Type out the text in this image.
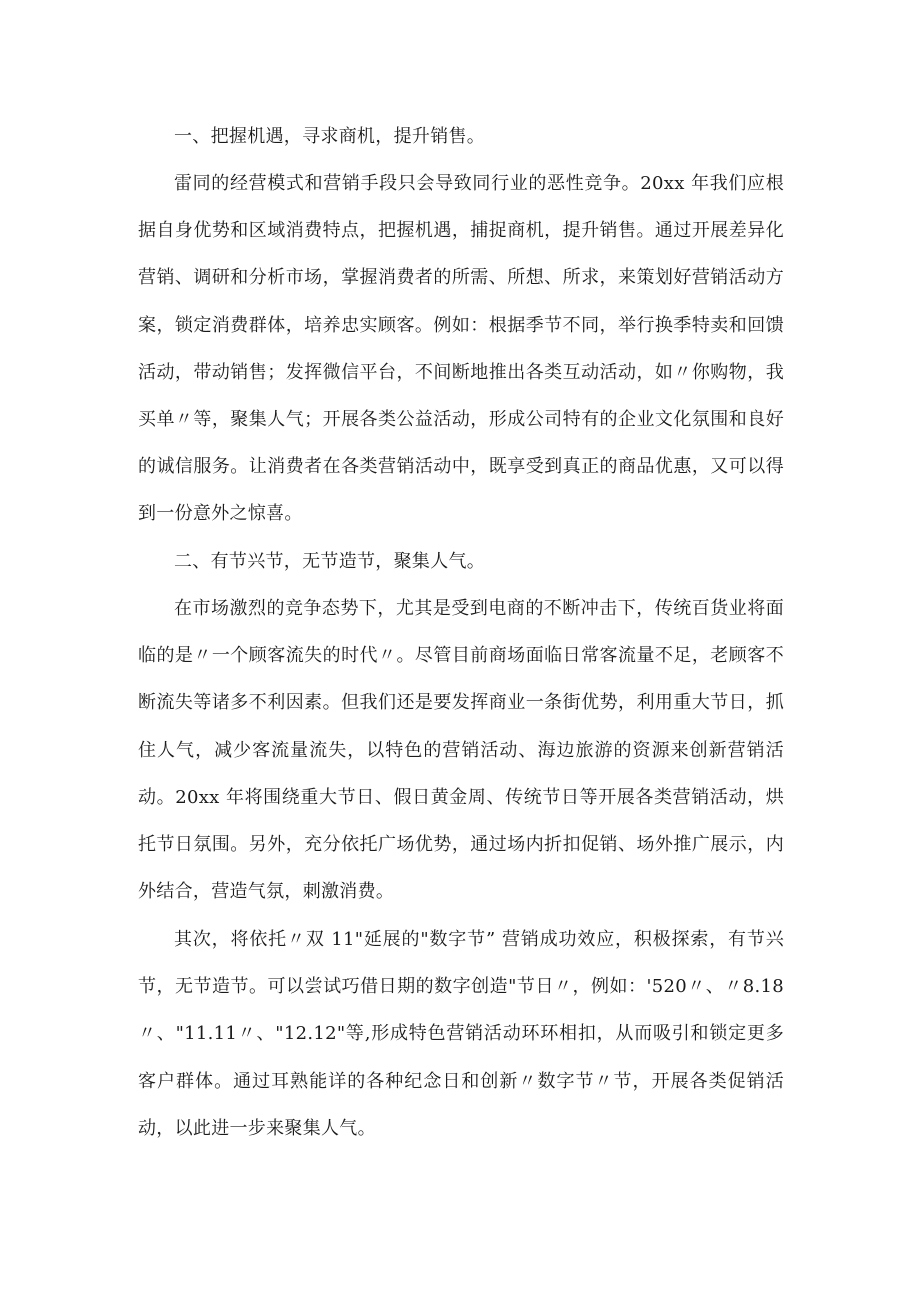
一、把握机遇，寻求商机，提升销售。

雷同的经营模式和营销手段只会导致同行业的恶性竞争。20xx 年我们应根据自身优势和区域消费特点，把握机遇，捕捉商机，提升销售。通过开展差异化营销、调研和分析市场，掌握消费者的所需、所想、所求，来策划好营销活动方案，锁定消费群体，培养忠实顾客。例如：根据季节不同，举行换季特卖和回馈活动，带动销售；发挥微信平台，不间断地推出各类互动活动，如〃你购物，我买单〃等，聚集人气；开展各类公益活动，形成公司特有的企业文化氛围和良好的诚信服务。让消费者在各类营销活动中，既享受到真正的商品优惠，又可以得到一份意外之惊喜。

二、有节兴节，无节造节，聚集人气。

在市场激烈的竞争态势下，尤其是受到电商的不断冲击下，传统百货业将面临的是〃一个顾客流失的时代〃。尽管目前商场面临日常客流量不足，老顾客不断流失等诸多不利因素。但我们还是要发挥商业一条街优势，利用重大节日，抓住人气，减少客流量流失，以特色的营销活动、海边旅游的资源来创新营销活动。20xx 年将围绕重大节日、假日黄金周、传统节日等开展各类营销活动，烘托节日氛围。另外，充分依托广场优势，通过场内折扣促销、场外推广展示，内外结合，营造气氛，刺激消费。

其次，将依托〃双 11"延展的"数字节” 营销成功效应，积极探索，有节兴节，无节造节。可以尝试巧借日期的数字创造"节日〃，例如：'520〃、〃8.18〃、"11.11〃、"12.12"等,形成特色营销活动环环相扣，从而吸引和锁定更多客户群体。通过耳熟能详的各种纪念日和创新〃数字节〃节，开展各类促销活动，以此进一步来聚集人气。
